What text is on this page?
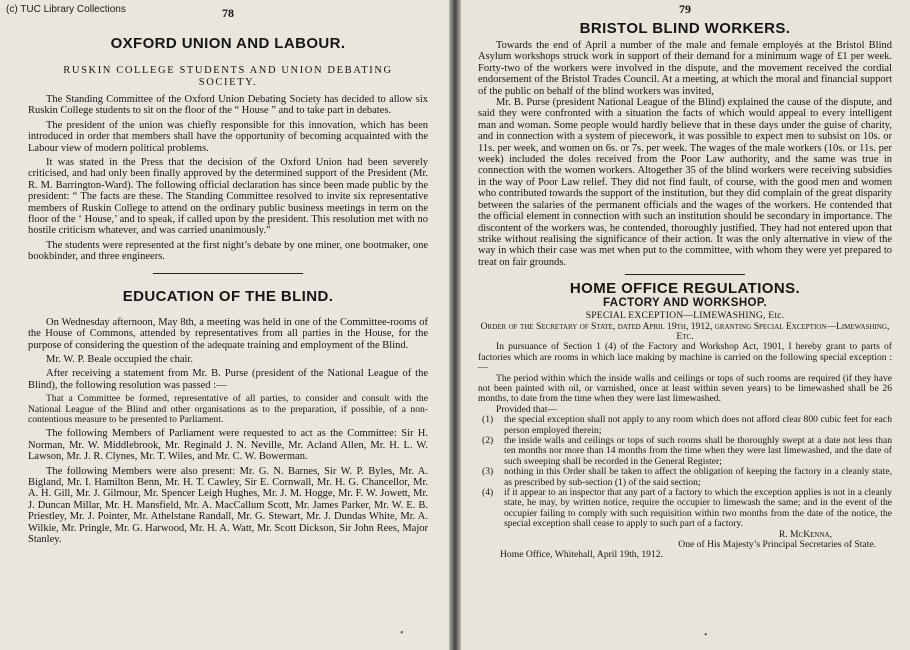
(c) TUC Library Collections	78

OXFORD UNION AND LABOUR.

RUSKIN COLLEGE STUDENTS AND UNION DEBATING

SOCIETY.

The Standing Committee of the Oxford Union Debating Society has decided to allow six Ruskin College students to sit on the floor of the “ House ” and to take part in debates.

The president of the union was chiefly responsible for this innovation, which has been introduced in order that members shall have the opportunity of becoming acquainted with the Labour view of modern political problems.

It was stated in the Press that the decision of the Oxford Union had been severely criticised, and had only been finally approved by the determined support of the President (Mr. R. M. Barrington-Ward). The following official declaration has since been made public by the president: “ The facts are these. The Standing Committee resolved to invite six representative members of Ruskin College to attend on the ordinary public business meetings in term on the floor of the ‘ House,’ and to speak, if called upon by the president. This resolution met with no hostile criticism whatever, and was carried unanimously.”

The students were represented at the first night’s debate by one miner, one bootmaker, one bookbinder, and three engineers.

EDUCATION OF THE BLIND.

On Wednesday afternoon, May 8th, a meeting was held in one of the Committee-rooms of the House of Commons, attended by representatives from all parties in the House, for the purpose of considering the question of the adequate training and employment of the Blind.

Mr. W. P. Beale occupied the chair.

After receiving a statement from Mr. B. Purse (president of the National League of the Blind), the following resolution was passed :—

That a Committee be formed, representative of all parties, to consider and consult with the National League of the Blind and other organisations as to the preparation, if possible, of a non-contentious measure to be presented to Parliament.

The following Members of Parliament were requested to act as the Committee: Sir H. Norman, Mr. W. Middlebrook, Mr. Reginald J. N. Neville, Mr. Acland Allen, Mr. H. L. W. Lawson, Mr. J. R. Clynes, Mr. T. Wiles, and Mr. C. W. Bowerman.

The following Members were also present: Mr. G. N. Barnes, Sir W. P. Byles, Mr. A. Bigland, Mr. I. Hamilton Benn, Mr. H. T. Cawley, Sir E. Cornwall, Mr. H. G. Chancellor, Mr. A. H. Gill, Mr. J. Gilmour, Mr. Spencer Leigh Hughes, Mr. J. M. Hogge, Mr. F. W. Jowett, Mr. J. Duncan Millar, Mr. H. Mansfield, Mr. A. MacCallum Scott, Mr. James Parker, Mr. W. E. B. Priestley, Mr. J. Pointer, Mr. Athelstane Randall, Mr. G. Stewart, Mr. J. Dundas White, Mr. A. Wilkie, Mr. Pringle, Mr. G. Harwood, Mr. H. A. Watt, Mr. Scott Dickson, Sir John Rees, Major Stanley.

•

79

BRISTOL BLIND WORKERS.

Towards the end of April a number of the male and female employés at the Bristol Blind Asylum workshops struck work in support of their demand for a minimum wage of £1 per week. Forty-two of the workers were involved in the dispute, and the movement received the cordial endorsement of the Bristol Trades Council. At a meeting, at which the moral and financial support of the public on behalf of the blind workers was invited,

Mr. B. Purse (president National League of the Blind) explained the cause of the dispute, and said they were confronted with a situation the facts of which would appeal to every intelligent man and woman. Some people would hardly believe that in these days under the guise of charity, and in connection with a system of piecework, it was possible to expect men to subsist on 10s. or 11s. per week, and women on 6s. or 7s. per week. The wages of the male workers (10s. or 11s. per week) included the doles received from the Poor Law authority, and the same was true in connection with the women workers. Altogether 35 of the blind workers were receiving subsidies in the way of Poor Law relief. They did not find fault, of course, with the good men and women who contributed towards the support of the institution, but they did complain of the great disparity between the salaries of the permanent officials and the wages of the workers. He contended that the official element in connection with such an institution should be secondary in importance. The discontent of the workers was, he contended, thoroughly justified. They had not entered upon that strike without realising the significance of their action. It was the only alternative in view of the way in which their case was met when put to the committee, with whom they were yet prepared to treat on fair grounds.

HOME OFFICE REGULATIONS.

FACTORY AND WORKSHOP.

SPECIAL EXCEPTION—LIMEWASHING, Etc.

Order of the Secretary of State, dated April 19th, 1912, granting Special Exception—Limewashing, Etc.

In pursuance of Section 1 (4) of the Factory and Workshop Act, 1901, I hereby grant to parts of factories which are rooms in which lace making by machine is carried on the following special exception :—

The period within which the inside walls and ceilings or tops of such rooms are required (if they have not been painted with oil, or varnished, once at least within seven years) to be limewashed shall be 26 months, to date from the time when they were last limewashed.

Provided that—

(1)	the special exception shall not apply to any room which does not afford clear 800 cubic feet for each person employed therein;
(2)	the inside walls and ceilings or tops of such rooms shall be thoroughly swept at a date not less than ten months nor more than 14 months from the time when they were last limewashed, and the date of such sweeping shall be recorded in the General Register;
(3)	nothing in this Order shall be taken to affect the obligation of keeping the factory in a cleanly state, as prescribed by sub-section (1) of the said section;
(4)	if it appear to an inspector that any part of a factory to which the exception applies is not in a cleanly state, he may, by written notice, require the occupier to limewash the same; and in the event of the occupier failing to comply with such requisition within two months from the date of the notice, the special exception shall cease to apply to such part of a factory.

R. McKenna,

One of His Majesty’s Principal Secretaries of State.

Home Office, Whitehall, April 19th, 1912.

•
